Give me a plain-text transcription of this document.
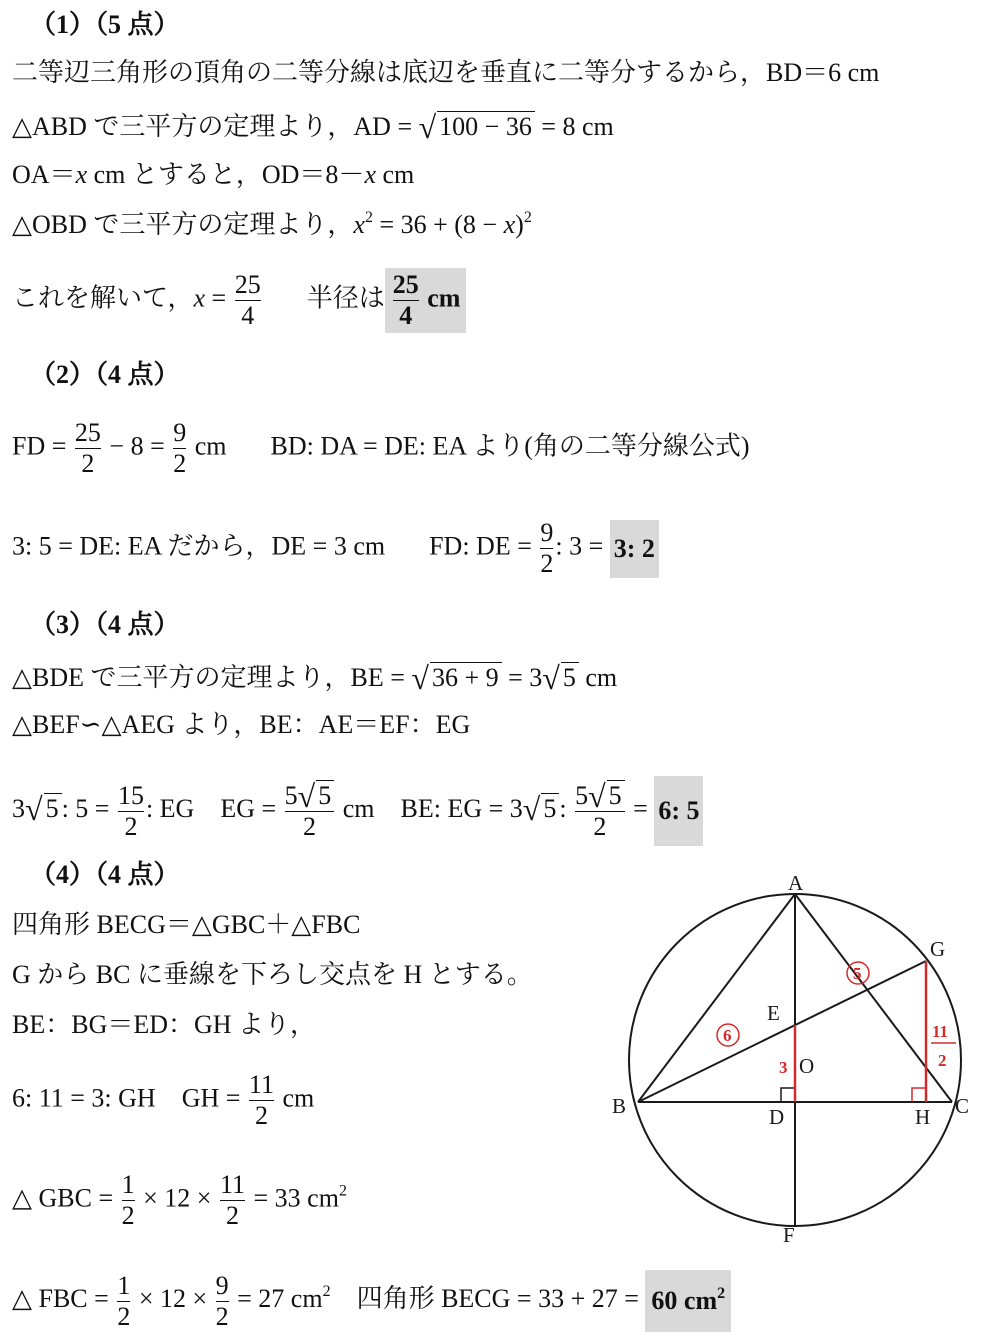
（1）（5 点）
二等辺三角形の頂角の二等分線は底辺を垂直に二等分するから，BD＝6 cm
△ABD で三平方の定理より，AD = √ 100 − 36 = 8 cm
OA＝x cm とすると，OD＝8－x cm
△OBD で三平方の定理より，$x^2 = 36 + (8 - x)^2$
これを解いて，$x = \frac{25}{4}$ 半径は $\frac{25}{4}$ cm
（2）（4 点）
FD = $\frac{25}{2} - 8 = \frac{9}{2}$ cm BD: DA = DE: EA より(角の二等分線公式)
3: 5 = DE: EA だから，DE = 3 cm FD: DE = $\frac{9}{2}$ : 3 = 3: 2
（3）（4 点）
△BDE で三平方の定理より，BE = √ 36 + 9 = 3√ 5 cm
△BEF∽△AEG より，BE：AE＝EF：EG
3√ 5 : $5 = \frac{15}{2}$ : EG EG = $\frac{5√ 5}{2}$ cm BE: EG = 3√ 5 : $\frac{5√ 5}{2} = 6$: 5
（4）（4 点）
四角形 BECG＝△GBC＋△FBC
G から BC に垂線を下ろし交点を H とする。
BE：BG＝ED：GH より，
6: 11 = 3: GH GH = $\frac{11}{2}$ cm
△ GBC = $\frac{1}{2} \times 12 \times \frac{11}{2} = 33$ $cm^2$
△ FBC = $\frac{1}{2} \times 12 \times \frac{9}{2} = 27$ $cm^2$ 四角形 BECG = 33 + 27 = 60 $cm^2$
A
B	C
D
E
F
G
H
O
6
5
3
11
2
